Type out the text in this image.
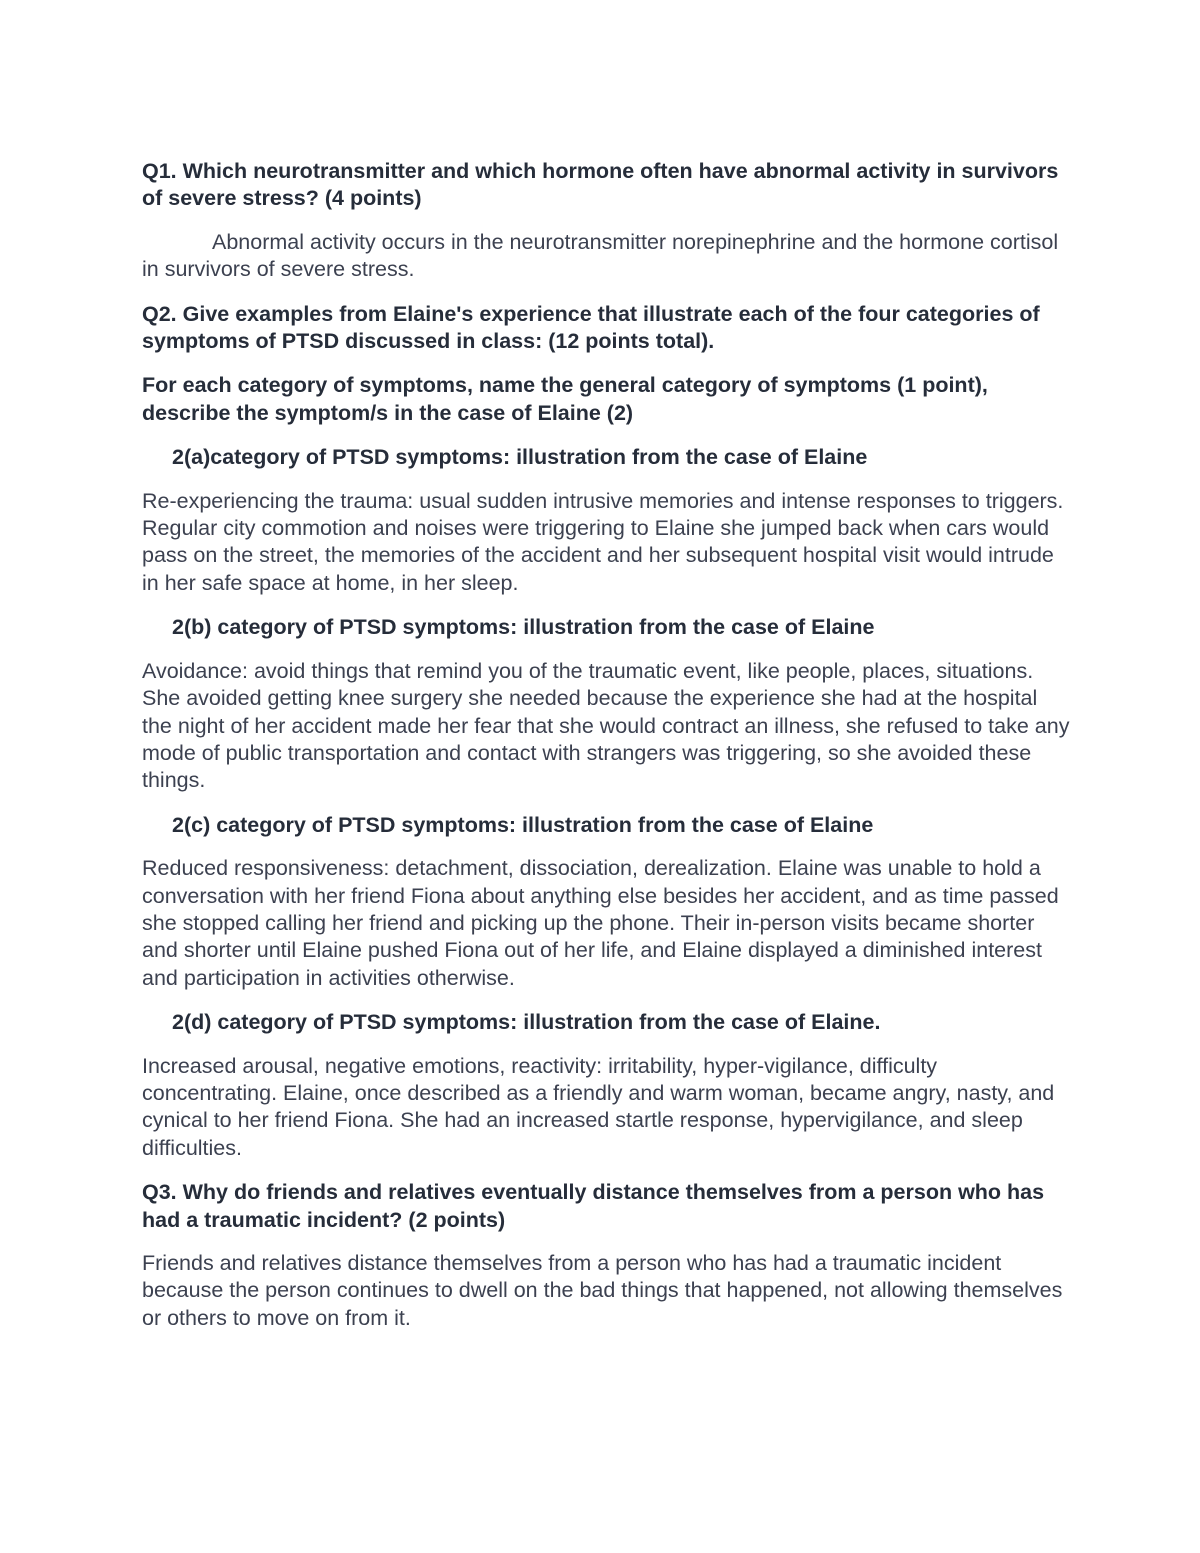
Q1. Which neurotransmitter and which hormone often have abnormal activity in survivors of severe stress? (4 points)

Abnormal activity occurs in the neurotransmitter norepinephrine and the hormone cortisol in survivors of severe stress.

Q2. Give examples from Elaine's experience that illustrate each of the four categories of symptoms of PTSD discussed in class: (12 points total).

For each category of symptoms, name the general category of symptoms (1 point), describe the symptom/s in the case of Elaine (2)

2(a)category of PTSD symptoms: illustration from the case of Elaine

Re-experiencing the trauma: usual sudden intrusive memories and intense responses to triggers. Regular city commotion and noises were triggering to Elaine she jumped back when cars would pass on the street, the memories of the accident and her subsequent hospital visit would intrude in her safe space at home, in her sleep.

2(b) category of PTSD symptoms: illustration from the case of Elaine

Avoidance: avoid things that remind you of the traumatic event, like people, places, situations. She avoided getting knee surgery she needed because the experience she had at the hospital the night of her accident made her fear that she would contract an illness, she refused to take any mode of public transportation and contact with strangers was triggering, so she avoided these things.

2(c) category of PTSD symptoms: illustration from the case of Elaine

Reduced responsiveness: detachment, dissociation, derealization. Elaine was unable to hold a conversation with her friend Fiona about anything else besides her accident, and as time passed she stopped calling her friend and picking up the phone. Their in-person visits became shorter and shorter until Elaine pushed Fiona out of her life, and Elaine displayed a diminished interest and participation in activities otherwise.

2(d) category of PTSD symptoms: illustration from the case of Elaine.

Increased arousal, negative emotions, reactivity: irritability, hyper-vigilance, difficulty concentrating. Elaine, once described as a friendly and warm woman, became angry, nasty, and cynical to her friend Fiona. She had an increased startle response, hypervigilance, and sleep difficulties.

Q3. Why do friends and relatives eventually distance themselves from a person who has had a traumatic incident? (2 points)

Friends and relatives distance themselves from a person who has had a traumatic incident because the person continues to dwell on the bad things that happened, not allowing themselves or others to move on from it.
